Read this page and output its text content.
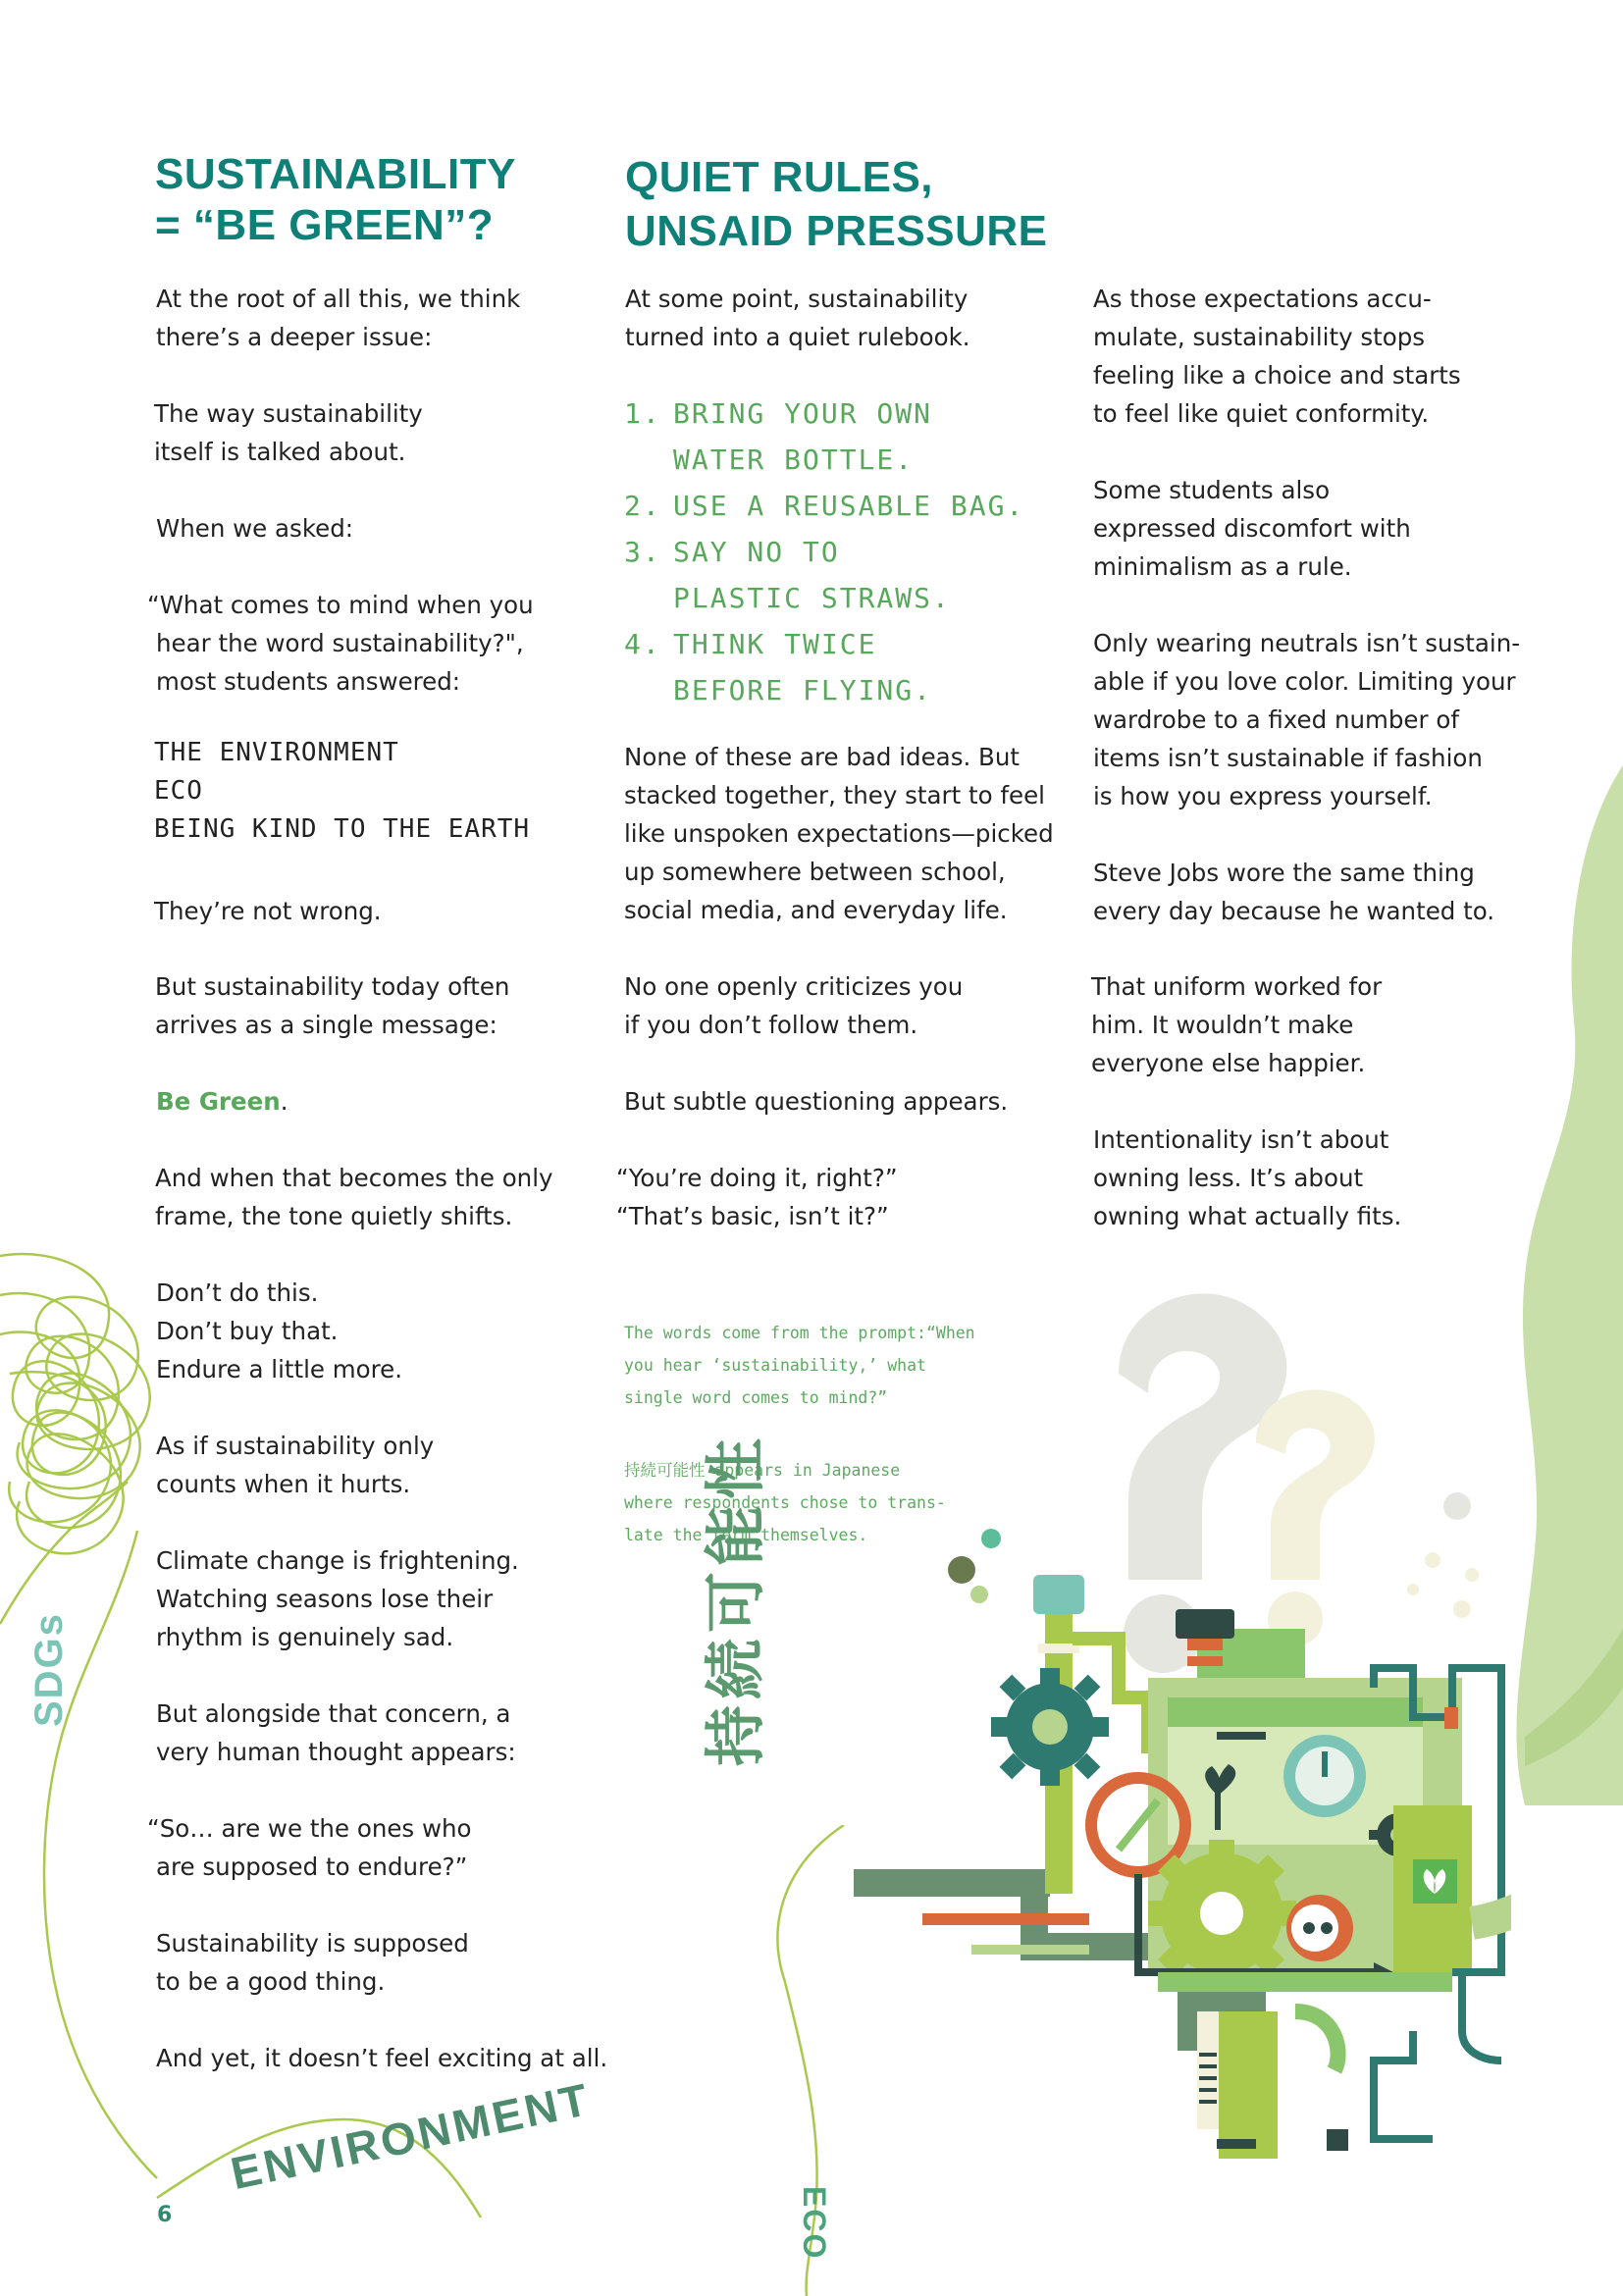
SUSTAINABILITY
= “BE GREEN”?
QUIET RULES,
UNSAID PRESSURE
At the root of all this, we think
there’s a deeper issue:
The way sustainability
itself is talked about.
When we asked:
“What comes to mind when you
hear the word sustainability?",
most students answered:
THE ENVIRONMENT
ECO
BEING KIND TO THE EARTH
They’re not wrong.
But sustainability today often
arrives as a single message:
Be Green.
And when that becomes the only
frame, the tone quietly shifts.
Don’t do this.
Don’t buy that.
Endure a little more.
As if sustainability only
counts when it hurts.
Climate change is frightening.
Watching seasons lose their
rhythm is genuinely sad.
But alongside that concern, a
very human thought appears:
“So… are we the ones who
are supposed to endure?”
Sustainability is supposed
to be a good thing.
And yet, it doesn’t feel exciting at all.
At some point, sustainability
turned into a quiet rulebook.
1. BRING YOUR OWN
WATER BOTTLE.
2. USE A REUSABLE BAG.
3. SAY NO TO
PLASTIC STRAWS.
4. THINK TWICE
BEFORE FLYING.
None of these are bad ideas. But
stacked together, they start to feel
like unspoken expectations—picked
up somewhere between school,
social media, and everyday life.
No one openly criticizes you
if you don’t follow them.
But subtle questioning appears.
“You’re doing it, right?”
“That’s basic, isn’t it?”
The words come from the prompt:“When
you hear ‘sustainability,’ what
single word comes to mind?”
持続可能性 appears in Japanese
where respondents chose to trans-
late the term themselves.
As those expectations accu-
mulate, sustainability stops
feeling like a choice and starts
to feel like quiet conformity.
Some students also
expressed discomfort with
minimalism as a rule.
Only wearing neutrals isn’t sustain-
able if you love color. Limiting your
wardrobe to a fixed number of
items isn’t sustainable if fashion
is how you express yourself.
Steve Jobs wore the same thing
every day because he wanted to.
That uniform worked for
him. It wouldn’t make
everyone else happier.
Intentionality isn’t about
owning less. It’s about
owning what actually fits.
SDGs
ENVIRONMENT
ECO
持続可能性
6
